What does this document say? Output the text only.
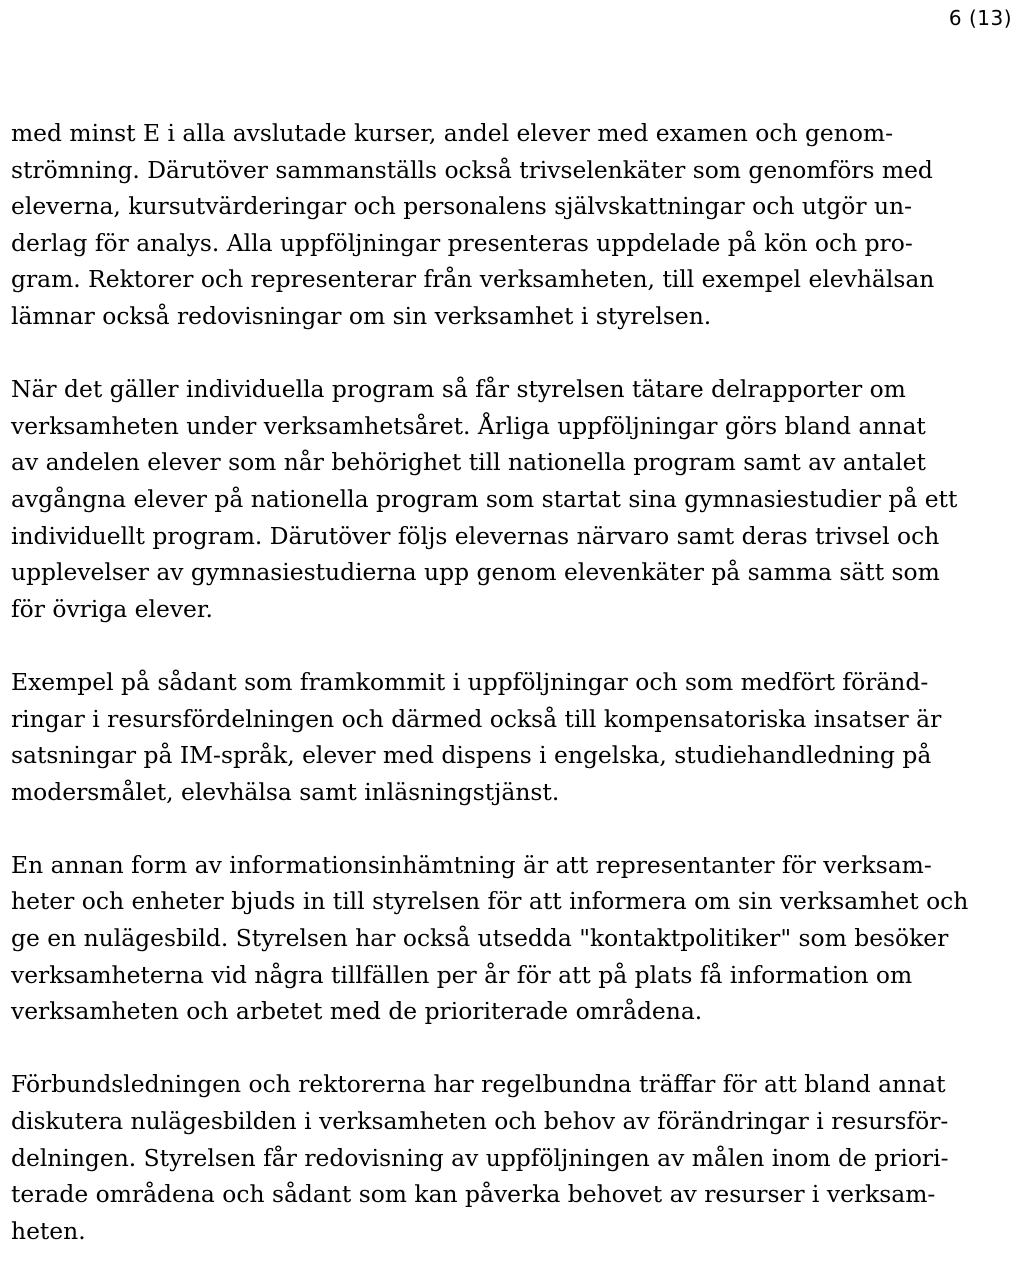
6 (13)

med minst E i alla avslutade kurser, andel elever med examen och genom-
strömning. Därutöver sammanställs också trivselenkäter som genomförs med
eleverna, kursutvärderingar och personalens självskattningar och utgör un-
derlag för analys. Alla uppföljningar presenteras uppdelade på kön och pro-
gram. Rektorer och representerar från verksamheten, till exempel elevhälsan
lämnar också redovisningar om sin verksamhet i styrelsen.

När det gäller individuella program så får styrelsen tätare delrapporter om
verksamheten under verksamhetsåret. Årliga uppföljningar görs bland annat
av andelen elever som når behörighet till nationella program samt av antalet
avgångna elever på nationella program som startat sina gymnasiestudier på ett
individuellt program. Därutöver följs elevernas närvaro samt deras trivsel och
upplevelser av gymnasiestudierna upp genom elevenkäter på samma sätt som
för övriga elever.

Exempel på sådant som framkommit i uppföljningar och som medfört föränd-
ringar i resursfördelningen och därmed också till kompensatoriska insatser är
satsningar på IM-språk, elever med dispens i engelska, studiehandledning på
modersmålet, elevhälsa samt inläsningstjänst.

En annan form av informationsinhämtning är att representanter för verksam-
heter och enheter bjuds in till styrelsen för att informera om sin verksamhet och
ge en nulägesbild. Styrelsen har också utsedda "kontaktpolitiker" som besöker
verksamheterna vid några tillfällen per år för att på plats få information om
verksamheten och arbetet med de prioriterade områdena.

Förbundsledningen och rektorerna har regelbundna träffar för att bland annat
diskutera nulägesbilden i verksamheten och behov av förändringar i resursför-
delningen. Styrelsen får redovisning av uppföljningen av målen inom de priori-
terade områdena och sådant som kan påverka behovet av resurser i verksam-
heten.
